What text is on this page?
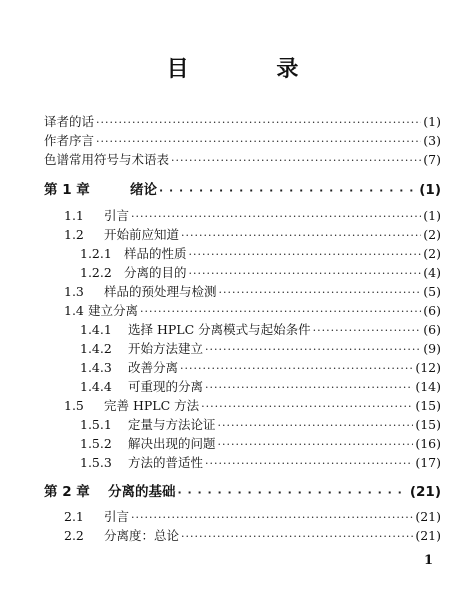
目 录
译者的话 ·····	(1)
作者序言 ·····	(3)
色谱常用符号与术语表 ·····	(7)
第 1 章	绪论 · · ·	(1)
1.1	引言 ·····	(1)
1.2	开始前应知道 ·····	(2)
1.2.1 样品的性质 ·····	(2)
1.2.2 分离的目的 ·····	(4)
1.3	样品的预处理与检测 ·····	(5)
1.4 建立分离 ·····	(6)
1.4.1	选择 HPLC 分离模式与起始条件 ·····	(6)
1.4.2	开始方法建立 ·····	(9)
1.4.3	改善分离 ·····	(12)
1.4.4	可重现的分离 ·····	(14)
1.5	完善 HPLC 方法 ·····	(15)
1.5.1	定量与方法论证 ·····	(15)
1.5.2	解决出现的问题 ·····	(16)
1.5.3	方法的普适性 ·····	(17)
第 2 章	分离的基础 · · ·	(21)
2.1	引言 ·····	(21)
2.2	分离度：总论 ·····	(21)
1
